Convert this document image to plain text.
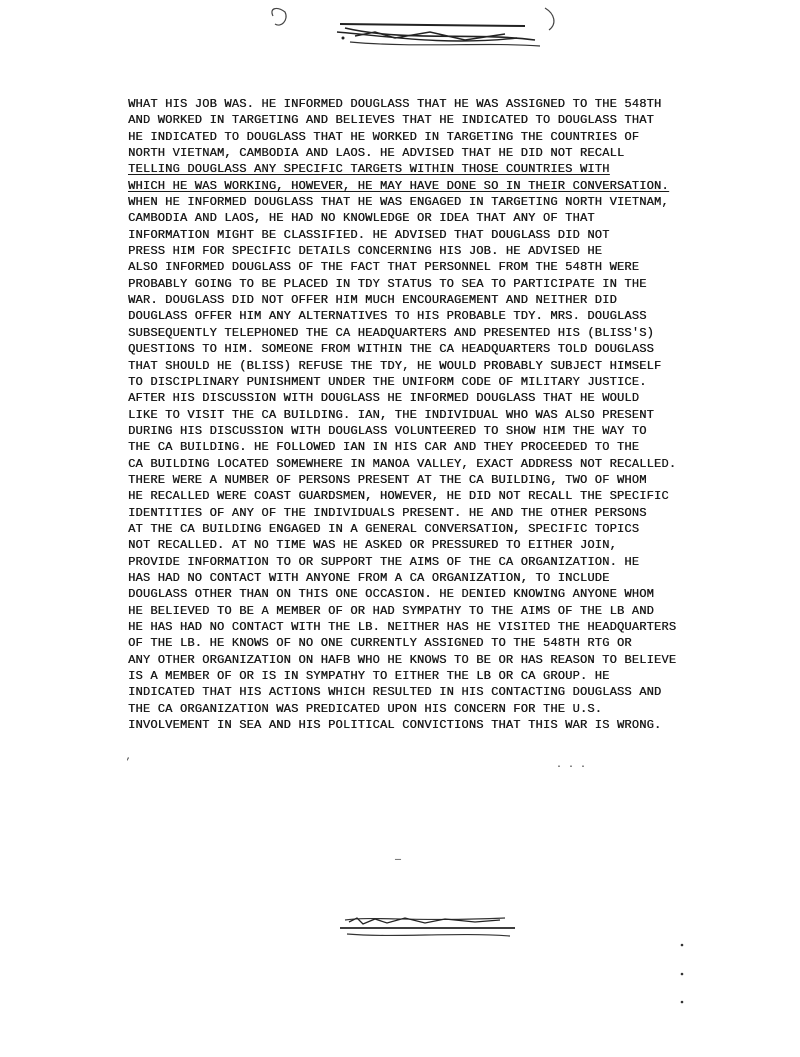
WHAT HIS JOB WAS. HE INFORMED DOUGLASS THAT HE WAS ASSIGNED TO THE 548TH
AND WORKED IN TARGETING AND BELIEVES THAT HE INDICATED TO DOUGLASS THAT
HE INDICATED TO DOUGLASS THAT HE WORKED IN TARGETING THE COUNTRIES OF
NORTH VIETNAM, CAMBODIA AND LAOS. HE ADVISED THAT HE DID NOT RECALL
TELLING DOUGLASS ANY SPECIFIC TARGETS WITHIN THOSE COUNTRIES WITH
WHICH HE WAS WORKING, HOWEVER, HE MAY HAVE DONE SO IN THEIR CONVERSATION.
WHEN HE INFORMED DOUGLASS THAT HE WAS ENGAGED IN TARGETING NORTH VIETNAM,
CAMBODIA AND LAOS, HE HAD NO KNOWLEDGE OR IDEA THAT ANY OF THAT
INFORMATION MIGHT BE CLASSIFIED. HE ADVISED THAT DOUGLASS DID NOT
PRESS HIM FOR SPECIFIC DETAILS CONCERNING HIS JOB. HE ADVISED HE
ALSO INFORMED DOUGLASS OF THE FACT THAT PERSONNEL FROM THE 548TH WERE
PROBABLY GOING TO BE PLACED IN TDY STATUS TO SEA TO PARTICIPATE IN THE
WAR. DOUGLASS DID NOT OFFER HIM MUCH ENCOURAGEMENT AND NEITHER DID
DOUGLASS OFFER HIM ANY ALTERNATIVES TO HIS PROBABLE TDY. MRS. DOUGLASS
SUBSEQUENTLY TELEPHONED THE CA HEADQUARTERS AND PRESENTED HIS (BLISS'S)
QUESTIONS TO HIM. SOMEONE FROM WITHIN THE CA HEADQUARTERS TOLD DOUGLASS
THAT SHOULD HE (BLISS) REFUSE THE TDY, HE WOULD PROBABLY SUBJECT HIMSELF
TO DISCIPLINARY PUNISHMENT UNDER THE UNIFORM CODE OF MILITARY JUSTICE.
AFTER HIS DISCUSSION WITH DOUGLASS HE INFORMED DOUGLASS THAT HE WOULD
LIKE TO VISIT THE CA BUILDING. IAN, THE INDIVIDUAL WHO WAS ALSO PRESENT
DURING HIS DISCUSSION WITH DOUGLASS VOLUNTEERED TO SHOW HIM THE WAY TO
THE CA BUILDING. HE FOLLOWED IAN IN HIS CAR AND THEY PROCEEDED TO THE
CA BUILDING LOCATED SOMEWHERE IN MANOA VALLEY, EXACT ADDRESS NOT RECALLED.
THERE WERE A NUMBER OF PERSONS PRESENT AT THE CA BUILDING, TWO OF WHOM
HE RECALLED WERE COAST GUARDSMEN, HOWEVER, HE DID NOT RECALL THE SPECIFIC
IDENTITIES OF ANY OF THE INDIVIDUALS PRESENT. HE AND THE OTHER PERSONS
AT THE CA BUILDING ENGAGED IN A GENERAL CONVERSATION, SPECIFIC TOPICS
NOT RECALLED. AT NO TIME WAS HE ASKED OR PRESSURED TO EITHER JOIN,
PROVIDE INFORMATION TO OR SUPPORT THE AIMS OF THE CA ORGANIZATION. HE
HAS HAD NO CONTACT WITH ANYONE FROM A CA ORGANIZATION, TO INCLUDE
DOUGLASS OTHER THAN ON THIS ONE OCCASION. HE DENIED KNOWING ANYONE WHOM
HE BELIEVED TO BE A MEMBER OF OR HAD SYMPATHY TO THE AIMS OF THE LB AND
HE HAS HAD NO CONTACT WITH THE LB. NEITHER HAS HE VISITED THE HEADQUARTERS
OF THE LB. HE KNOWS OF NO ONE CURRENTLY ASSIGNED TO THE 548TH RTG OR
ANY OTHER ORGANIZATION ON HAFB WHO HE KNOWS TO BE OR HAS REASON TO BELIEVE
IS A MEMBER OF OR IS IN SYMPATHY TO EITHER THE LB OR CA GROUP. HE
INDICATED THAT HIS ACTIONS WHICH RESULTED IN HIS CONTACTING DOUGLASS AND
THE CA ORGANIZATION WAS PREDICATED UPON HIS CONCERN FOR THE U.S.
INVOLVEMENT IN SEA AND HIS POLITICAL CONVICTIONS THAT THIS WAR IS WRONG.
’
—
. . .
